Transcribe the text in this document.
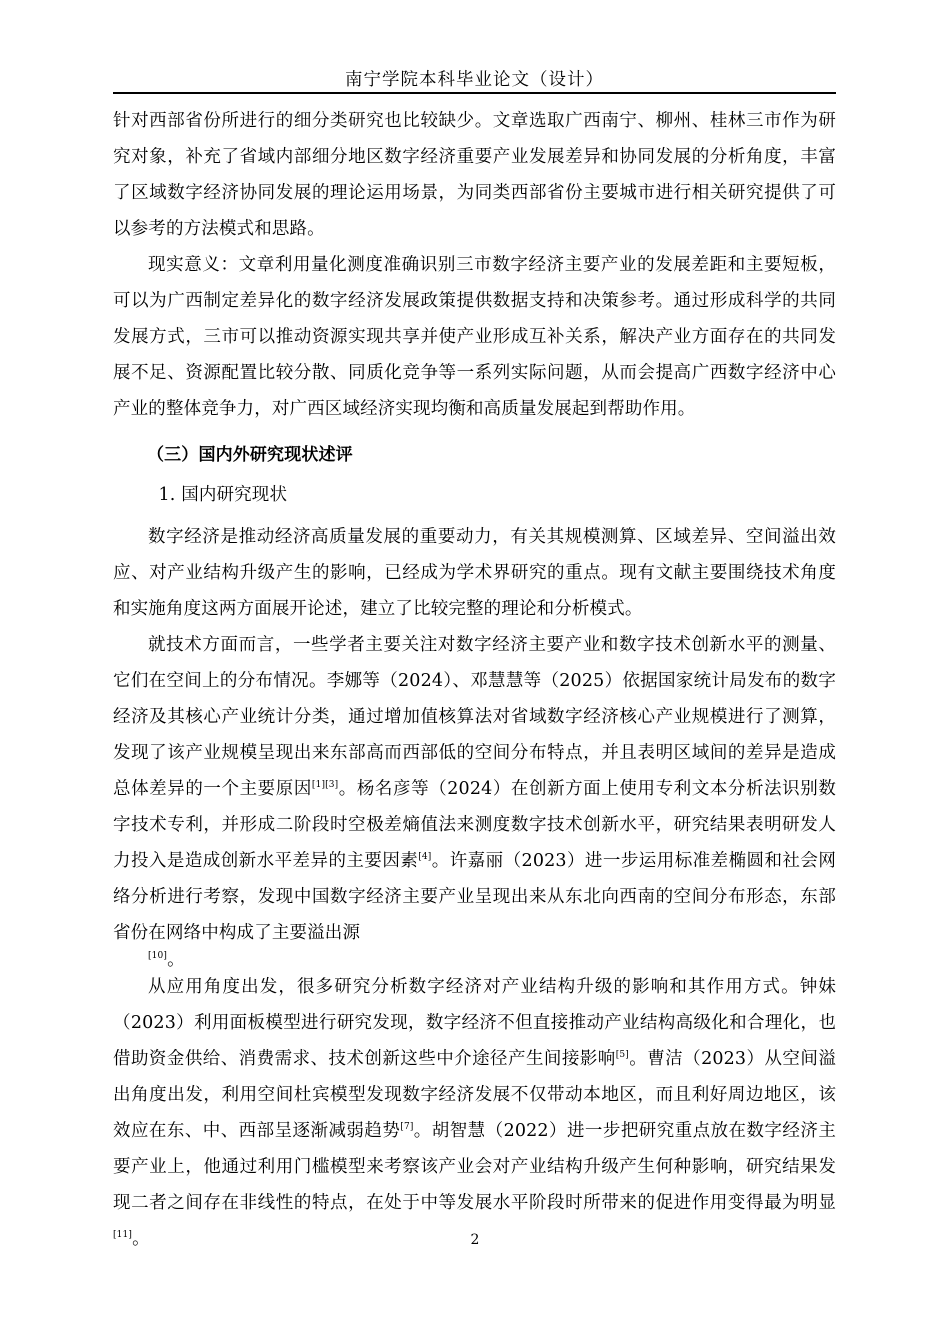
南宁学院本科毕业论文（设计）

针对西部省份所进行的细分类研究也比较缺少。文章选取广西南宁、柳州、桂林三市作为研究对象，补充了省域内部细分地区数字经济重要产业发展差异和协同发展的分析角度，丰富了区域数字经济协同发展的理论运用场景，为同类西部省份主要城市进行相关研究提供了可以参考的方法模式和思路。

现实意义：文章利用量化测度准确识别三市数字经济主要产业的发展差距和主要短板，可以为广西制定差异化的数字经济发展政策提供数据支持和决策参考。通过形成科学的共同发展方式，三市可以推动资源实现共享并使产业形成互补关系，解决产业方面存在的共同发展不足、资源配置比较分散、同质化竞争等一系列实际问题，从而会提高广西数字经济中心产业的整体竞争力，对广西区域经济实现均衡和高质量发展起到帮助作用。

（三）国内外研究现状述评

1. 国内研究现状

数字经济是推动经济高质量发展的重要动力，有关其规模测算、区域差异、空间溢出效应、对产业结构升级产生的影响，已经成为学术界研究的重点。现有文献主要围绕技术角度和实施角度这两方面展开论述，建立了比较完整的理论和分析模式。

就技术方面而言，一些学者主要关注对数字经济主要产业和数字技术创新水平的测量、它们在空间上的分布情况。李娜等（2024）、邓慧慧等（2025）依据国家统计局发布的数字经济及其核心产业统计分类，通过增加值核算法对省域数字经济核心产业规模进行了测算，发现了该产业规模呈现出来东部高而西部低的空间分布特点，并且表明区域间的差异是造成总体差异的一个主要原因[1][3]。杨名彦等（2024）在创新方面上使用专利文本分析法识别数字技术专利，并形成二阶段时空极差熵值法来测度数字技术创新水平，研究结果表明研发人力投入是造成创新水平差异的主要因素[4]。许嘉丽（2023）进一步运用标准差椭圆和社会网络分析进行考察，发现中国数字经济主要产业呈现出来从东北向西南的空间分布形态，东部省份在网络中构成了主要溢出源
[10]。

从应用角度出发，很多研究分析数字经济对产业结构升级的影响和其作用方式。钟妹（2023）利用面板模型进行研究发现，数字经济不但直接推动产业结构高级化和合理化，也借助资金供给、消费需求、技术创新这些中介途径产生间接影响[5]。曹洁（2023）从空间溢出角度出发，利用空间杜宾模型发现数字经济发展不仅带动本地区，而且利好周边地区，该效应在东、中、西部呈逐渐减弱趋势[7]。胡智慧（2022）进一步把研究重点放在数字经济主要产业上，他通过利用门槛模型来考察该产业会对产业结构升级产生何种影响，研究结果发现二者之间存在非线性的特点，在处于中等发展水平阶段时所带来的促进作用变得最为明显[11]。	2
